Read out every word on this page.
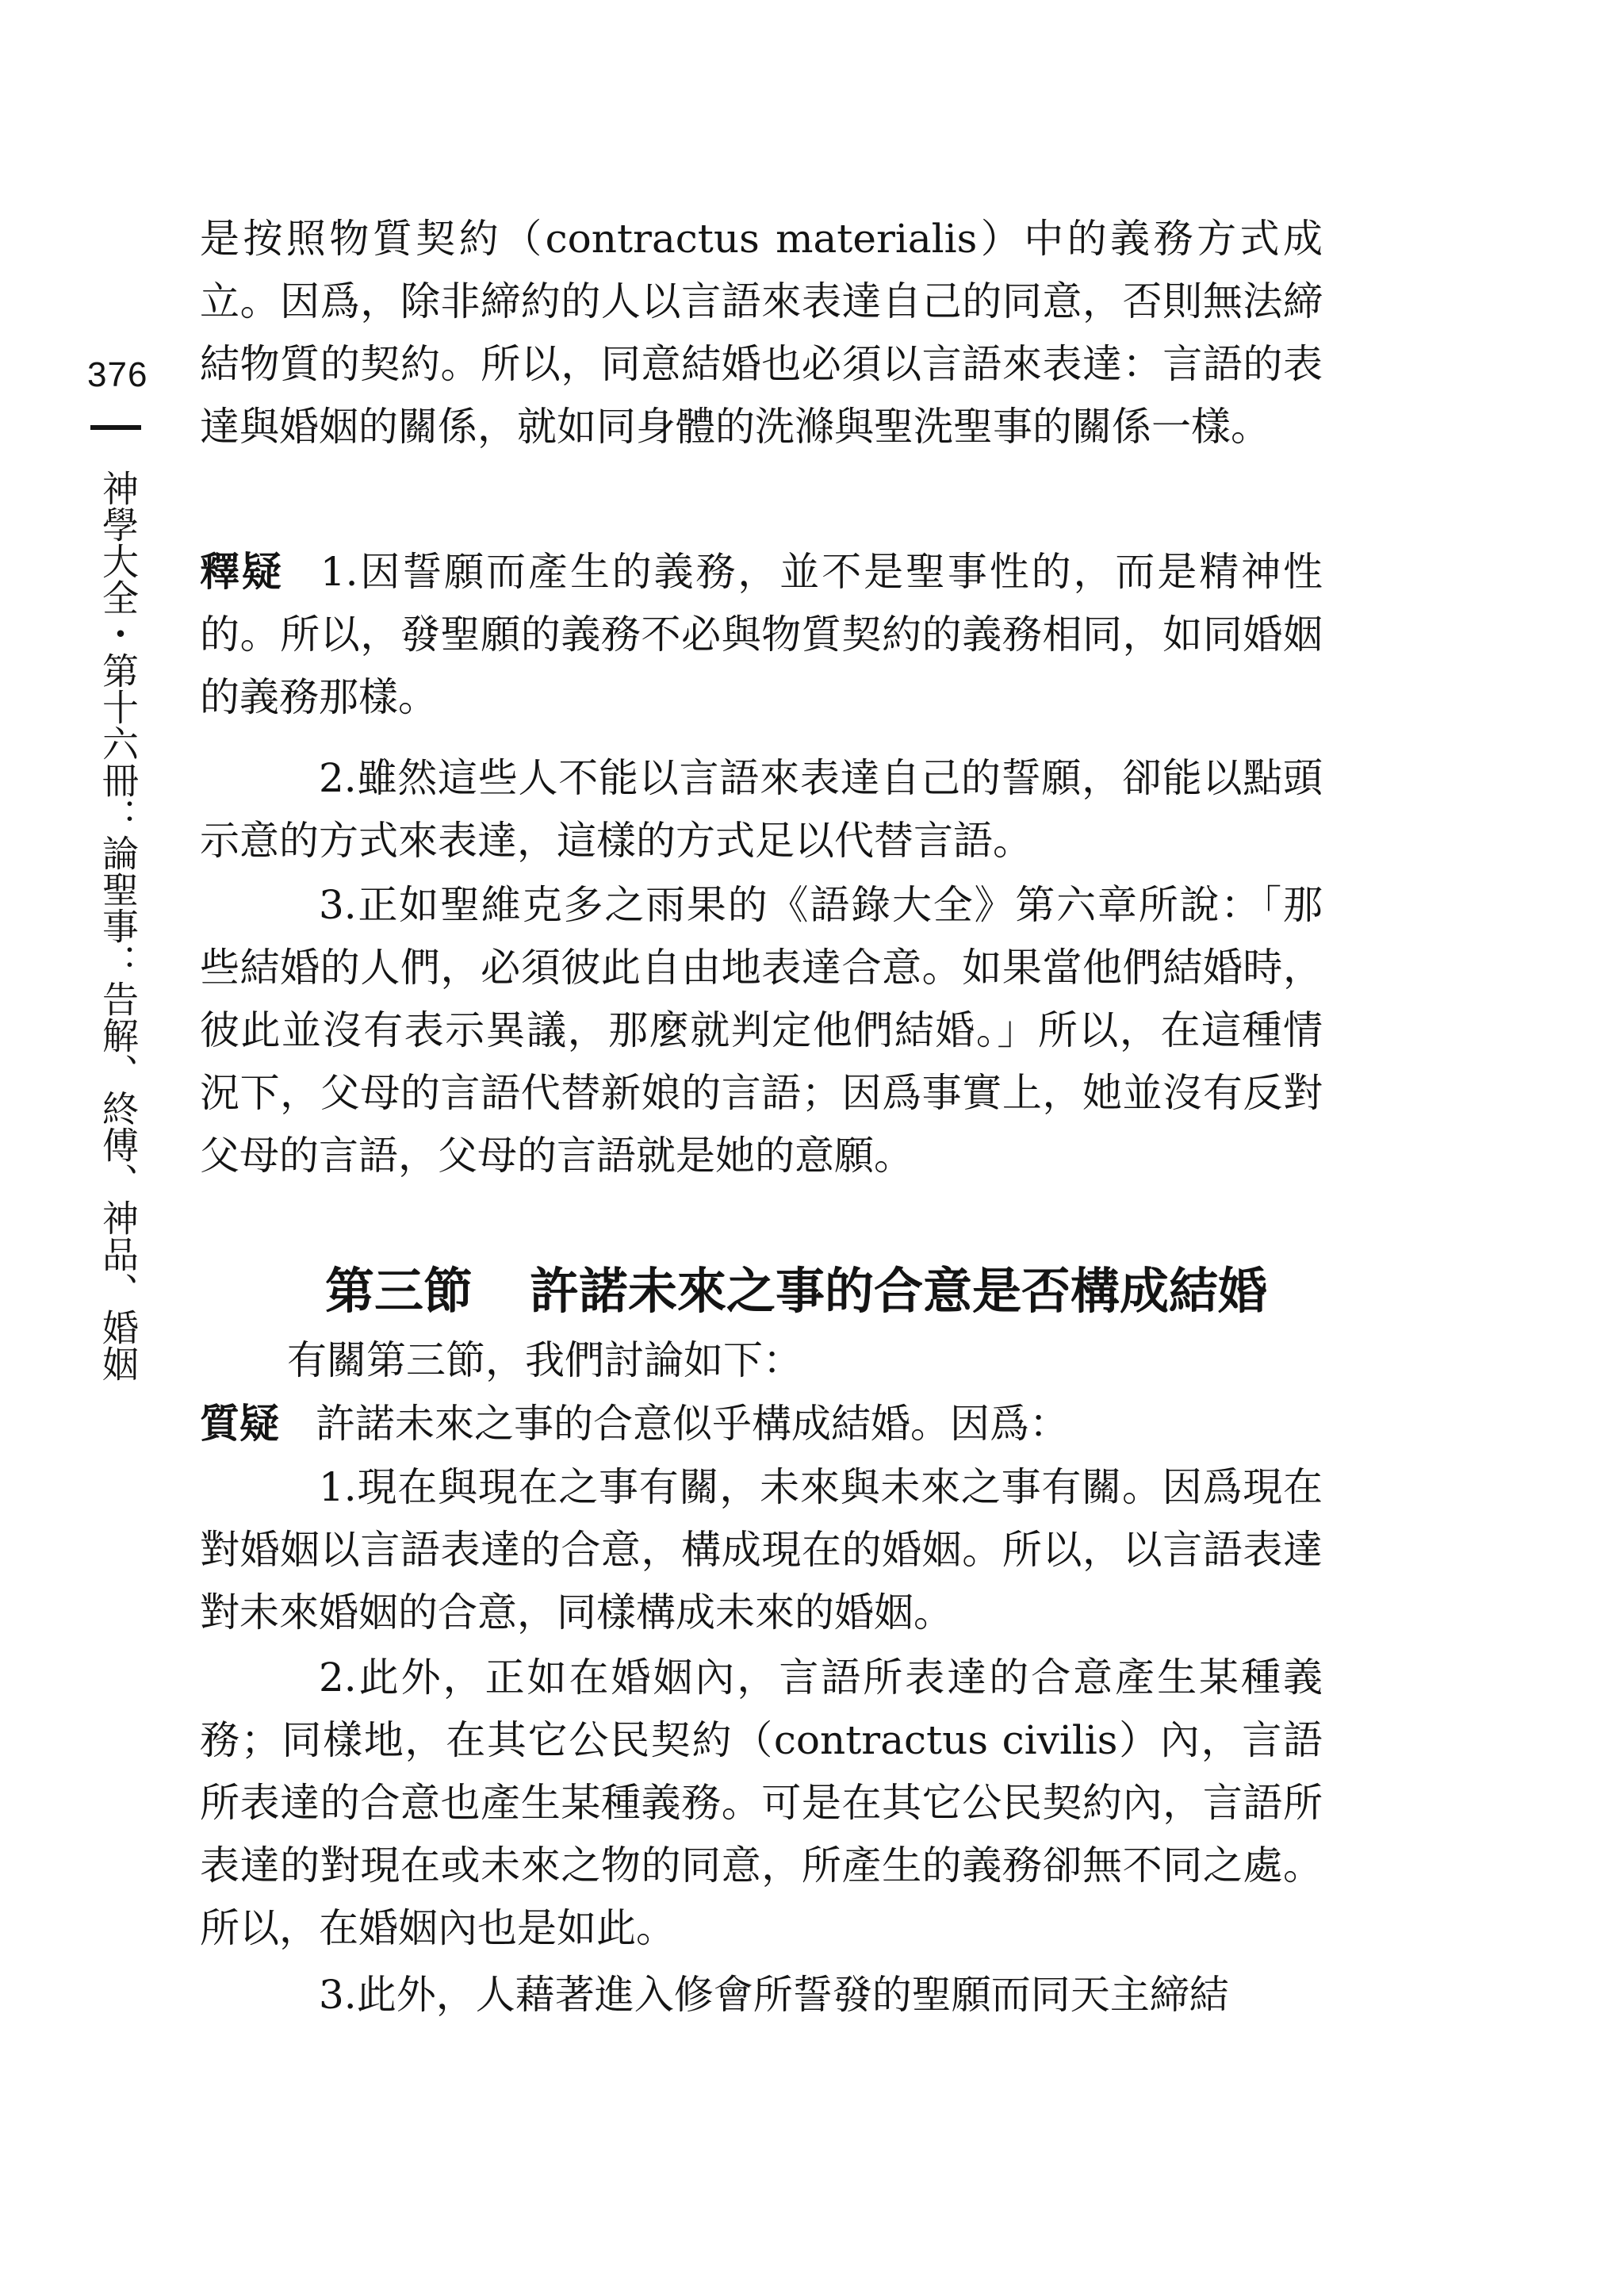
376
神學大全・第十六冊：論聖事：告解、終傅、神品、婚姻

是按照物質契約（contractus materialis）中的義務方式成立。因爲，除非締約的人以言語來表達自己的同意，否則無法締結物質的契約。所以，同意結婚也必須以言語來表達：言語的表達與婚姻的關係，就如同身體的洗滌與聖洗聖事的關係一樣。

釋疑 1.因誓願而產生的義務，並不是聖事性的，而是精神性的。所以，發聖願的義務不必與物質契約的義務相同，如同婚姻的義務那樣。

2.雖然這些人不能以言語來表達自己的誓願，卻能以點頭示意的方式來表達，這樣的方式足以代替言語。

3.正如聖維克多之雨果的《語錄大全》第六章所說：「那些結婚的人們，必須彼此自由地表達合意。如果當他們結婚時，彼此並沒有表示異議，那麼就判定他們結婚。」所以，在這種情況下，父母的言語代替新娘的言語；因爲事實上，她並沒有反對父母的言語，父母的言語就是她的意願。

第三節 許諾未來之事的合意是否構成結婚

有關第三節，我們討論如下：

質疑 許諾未來之事的合意似乎構成結婚。因爲：

1.現在與現在之事有關，未來與未來之事有關。因爲現在對婚姻以言語表達的合意，構成現在的婚姻。所以，以言語表達對未來婚姻的合意，同樣構成未來的婚姻。

2.此外，正如在婚姻內，言語所表達的合意產生某種義務；同樣地，在其它公民契約（contractus civilis）內，言語所表達的合意也產生某種義務。可是在其它公民契約內，言語所表達的對現在或未來之物的同意，所產生的義務卻無不同之處。所以，在婚姻內也是如此。

3.此外，人藉著進入修會所誓發的聖願而同天主締結
